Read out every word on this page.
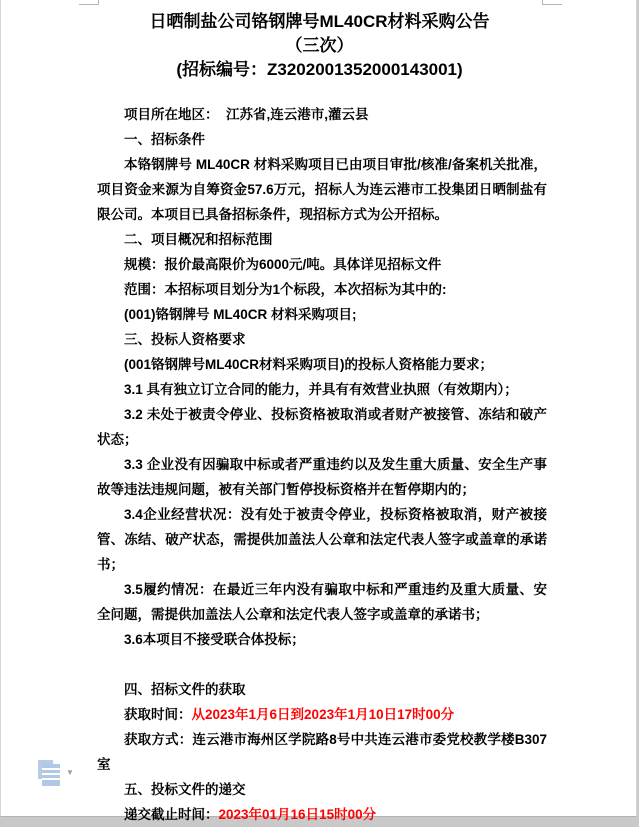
日晒制盐公司铬钢牌号ML40CR材料采购公告
（三次）
(招标编号：Z3202001352000143001)

项目所在地区：  江苏省,连云港市,灌云县

一、招标条件

本铬钢牌号 ML40CR 材料采购项目已由项目审批/核准/备案机关批准，项目资金来源为自筹资金57.6万元，招标人为连云港市工投集团日晒制盐有限公司。本项目已具备招标条件，现招标方式为公开招标。

二、项目概况和招标范围

规模：报价最高限价为6000元/吨。具体详见招标文件

范围：本招标项目划分为1个标段，本次招标为其中的:

(001)铬钢牌号 ML40CR 材料采购项目;

三、投标人资格要求

(001铬钢牌号ML40CR材料采购项目)的投标人资格能力要求；

3.1 具有独立订立合同的能力，并具有有效营业执照（有效期内）；

3.2 未处于被责令停业、投标资格被取消或者财产被接管、冻结和破产状态；

3.3 企业没有因骗取中标或者严重违约以及发生重大质量、安全生产事故等违法违规问题，被有关部门暂停投标资格并在暂停期内的；

3.4企业经营状况：没有处于被责令停业，投标资格被取消，财产被接管、冻结、破产状态，需提供加盖法人公章和法定代表人签字或盖章的承诺书；

3.5履约情况：在最近三年内没有骗取中标和严重违约及重大质量、安全问题，需提供加盖法人公章和法定代表人签字或盖章的承诺书；

3.6本项目不接受联合体投标；

四、招标文件的获取

获取时间：从2023年1月6日到2023年1月10日17时00分

获取方式：连云港市海州区学院路8号中共连云港市委党校教学楼B307室

五、投标文件的递交

递交截止时间：2023年01月16日15时00分

▼
